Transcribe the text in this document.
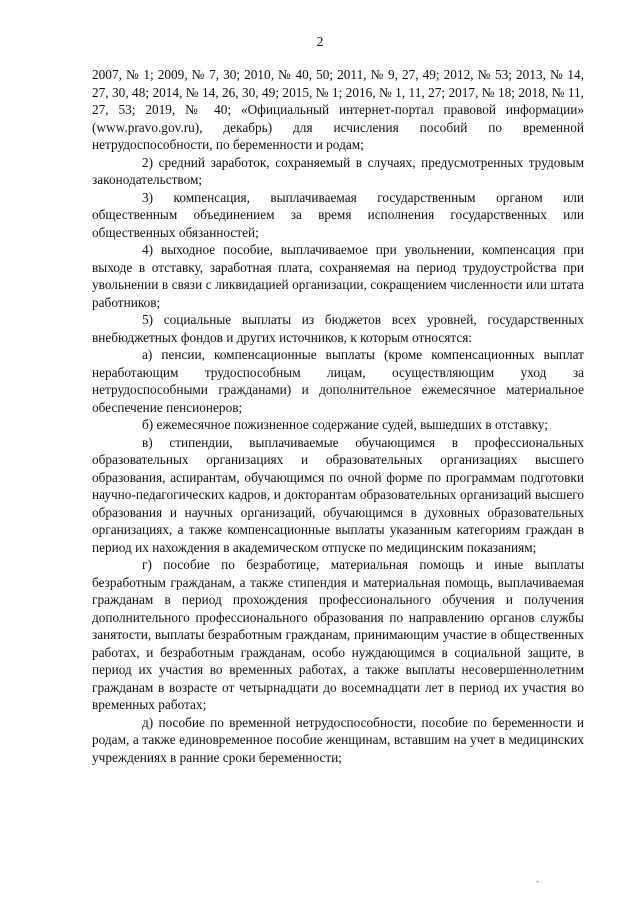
2

2007, № 1; 2009, № 7, 30; 2010, № 40, 50; 2011, № 9, 27, 49; 2012, № 53; 2013, № 14, 27, 30, 48; 2014, № 14, 26, 30, 49; 2015, № 1; 2016, № 1, 11, 27; 2017, № 18; 2018, № 11, 27, 53; 2019, № 40; «Официальный интернет-портал правовой информации» (www.pravo.gov.ru), декабрь) для исчисления пособий по временной нетрудоспособности, по беременности и родам;

2) средний заработок, сохраняемый в случаях, предусмотренных трудовым законодательством;

3) компенсация, выплачиваемая государственным органом или общественным объединением за время исполнения государственных или общественных обязанностей;

4) выходное пособие, выплачиваемое при увольнении, компенсация при выходе в отставку, заработная плата, сохраняемая на период трудоустройства при увольнении в связи с ликвидацией организации, сокращением численности или штата работников;

5) социальные выплаты из бюджетов всех уровней, государственных внебюджетных фондов и других источников, к которым относятся:

а) пенсии, компенсационные выплаты (кроме компенсационных выплат неработающим трудоспособным лицам, осуществляющим уход за нетрудоспособными гражданами) и дополнительное ежемесячное материальное обеспечение пенсионеров;

б) ежемесячное пожизненное содержание судей, вышедших в отставку;

в) стипендии, выплачиваемые обучающимся в профессиональных образовательных организациях и образовательных организациях высшего образования, аспирантам, обучающимся по очной форме по программам подготовки научно-педагогических кадров, и докторантам образовательных организаций высшего образования и научных организаций, обучающимся в духовных образовательных организациях, а также компенсационные выплаты указанным категориям граждан в период их нахождения в академическом отпуске по медицинским показаниям;

г) пособие по безработице, материальная помощь и иные выплаты безработным гражданам, а также стипендия и материальная помощь, выплачиваемая гражданам в период прохождения профессионального обучения и получения дополнительного профессионального образования по направлению органов службы занятости, выплаты безработным гражданам, принимающим участие в общественных работах, и безработным гражданам, особо нуждающимся в социальной защите, в период их участия во временных работах, а также выплаты несовершеннолетним гражданам в возрасте от четырнадцати до восемнадцати лет в период их участия во временных работах;

д) пособие по временной нетрудоспособности, пособие по беременности и родам, а также единовременное пособие женщинам, вставшим на учет в медицинских учреждениях в ранние сроки беременности;

-
